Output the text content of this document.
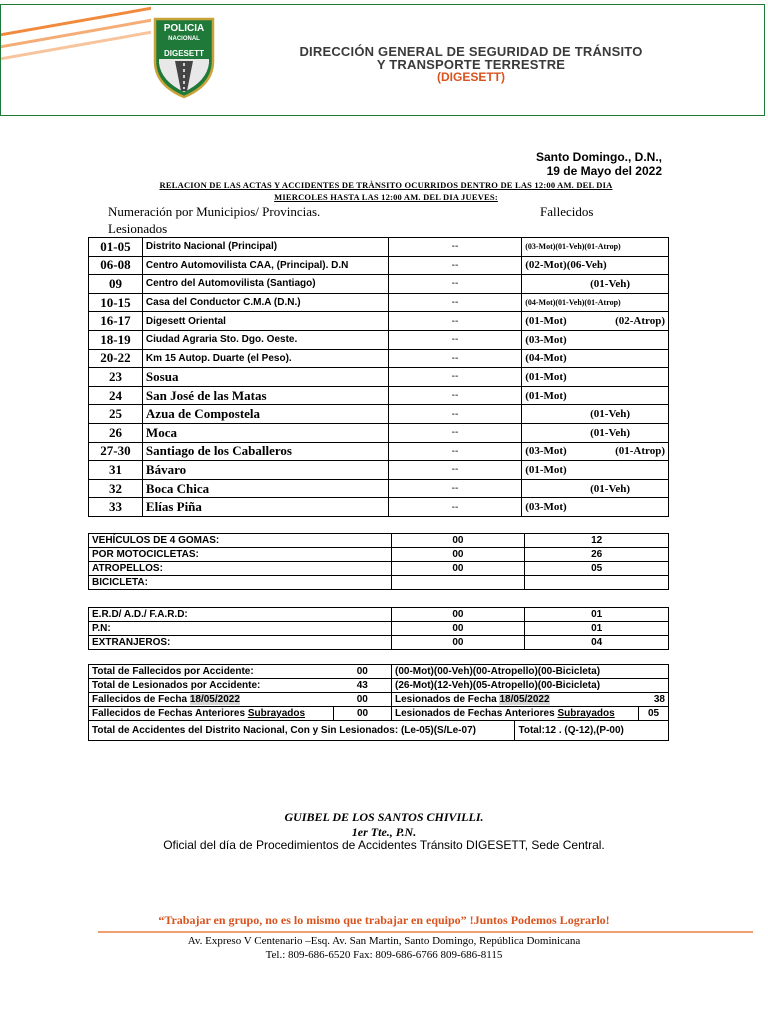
POLICIA
NACIONAL
DIGESETT	DIRECCIÓN GENERAL DE SEGURIDAD DE TRÁNSITO
Y TRANSPORTE TERRESTRE
(DIGESETT)
Santo Domingo., D.N.,
19 de Mayo del 2022
RELACION DE LAS ACTAS Y ACCIDENTES DE TRÀNSITO OCURRIDOS DENTRO DE LAS 12:00 AM. DEL DIA
MIERCOLES HASTA LAS 12:00 AM. DEL DIA JUEVES:
Numeración por Municipios/ Provincias.	Fallecidos
Lesionados
01-05	Distrito Nacional (Principal)	--	(03-Mot)(01-Veh)(01-Atrop)
06-08	Centro Automovilista CAA, (Principal). D.N	--	(02-Mot)(06-Veh)
09	Centro del Automovilista (Santiago)	--	(01-Veh)

10-15	Casa del Conductor C.M.A (D.N.)	--	(04-Mot)(01-Veh)(01-Atrop)
16-17	Digesett Oriental	--	(01-Mot) (02-Atrop)

18-19	Ciudad Agraria Sto. Dgo. Oeste.	--	(03-Mot)
20-22	Km 15 Autop. Duarte (el Peso).	--	(04-Mot)
23	Sosua	--	(01-Mot)
24	San José de las Matas	--	(01-Mot)
25	Azua de Compostela	--	(01-Veh)

26	Moca	--	(01-Veh)

27-30	Santiago de los Caballeros	--	(03-Mot) (01-Atrop)

31	Bávaro	--	(01-Mot)
32	Boca Chica	--	(01-Veh)

33	Elías Piña	--	(03-Mot)
VEHÍCULOS DE 4 GOMAS:	00	12
POR MOTOCICLETAS:	00	26
ATROPELLOS:	00	05
BICICLETA:		
E.R.D/ A.D./ F.A.R.D:	00	01
P.N:	00	01
EXTRANJEROS:	00	04
Total de Fallecidos por Accidente:	00	(00-Mot)(00-Veh)(00-Atropello)(00-Bicicleta)		
Total de Lesionados por Accidente:	43	(26-Mot)(12-Veh)(05-Atropello)(00-Bicicleta)		
Fallecidos de Fecha 18/05/2022	00	Lesionados de Fecha 18/05/2022		38
Fallecidos de Fechas Anteriores Subrayados	00	Lesionados de Fechas Anteriores Subrayados		05
Total de Accidentes del Distrito Nacional, Con y Sin Lesionados: (Le-05)(S/Le-07)			Total:12 . (Q-12),(P-00)	
GUIBEL DE LOS SANTOS CHIVILLI.
1er Tte., P.N.
Oficial del día de Procedimientos de Accidentes Tránsito DIGESETT, Sede Central.
“Trabajar en grupo, no es lo mismo que trabajar en equipo” !Juntos Podemos Lograrlo!
Av. Expreso V Centenario –Esq. Av. San Martin, Santo Domingo, República Dominicana
Tel.: 809-686-6520 Fax: 809-686-6766 809-686-8115
